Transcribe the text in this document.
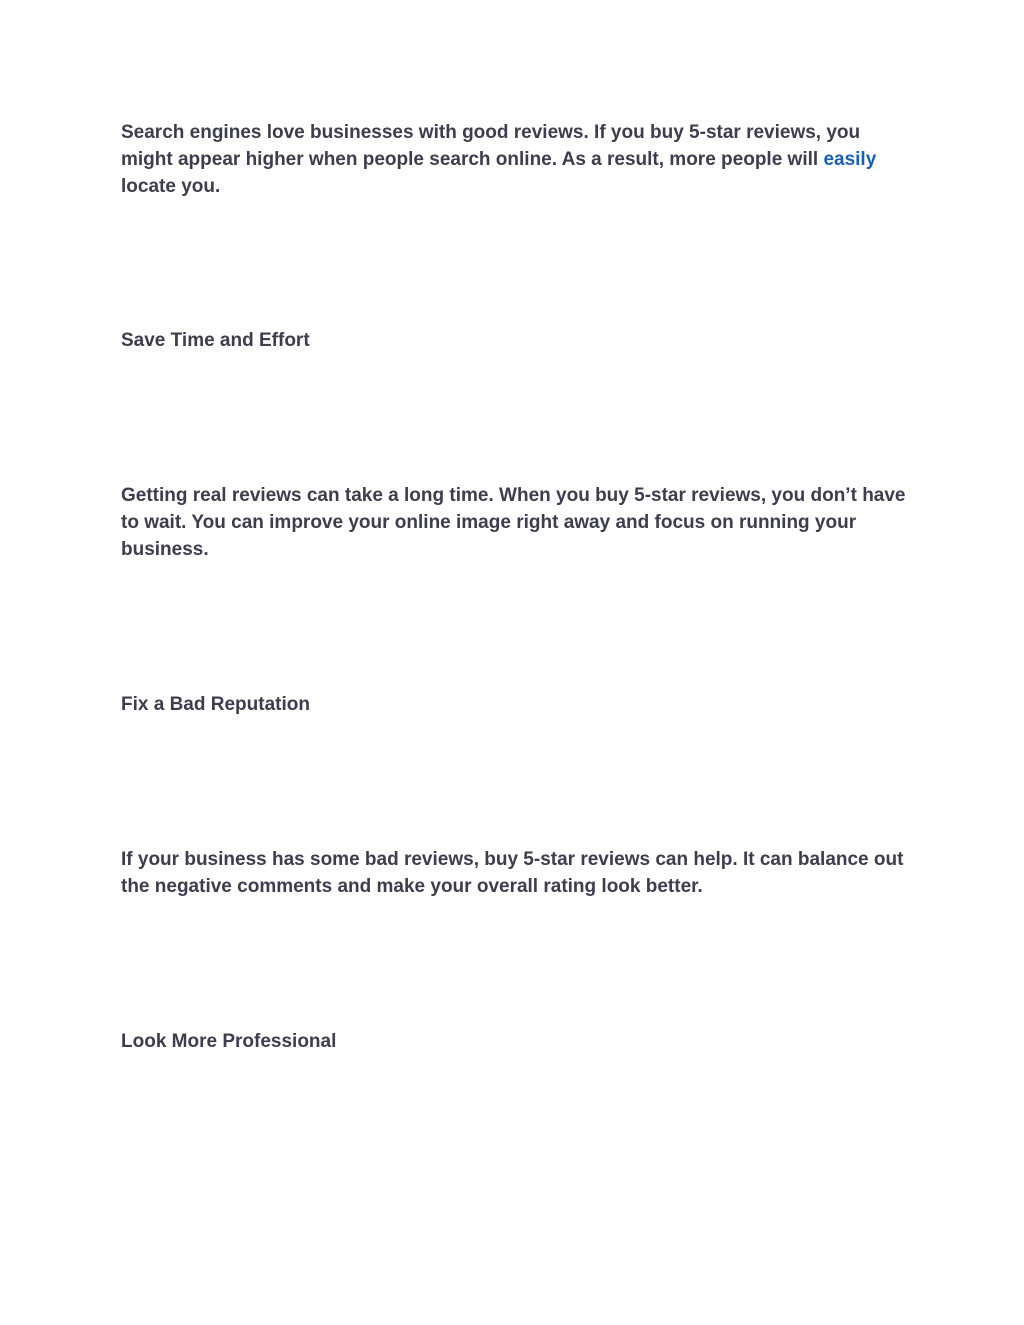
Search engines love businesses with good reviews. If you buy 5-star reviews, you might appear higher when people search online. As a result, more people will easily locate you.

Save Time and Effort

Getting real reviews can take a long time. When you buy 5-star reviews, you don’t have to wait. You can improve your online image right away and focus on running your business.

Fix a Bad Reputation

If your business has some bad reviews, buy 5-star reviews can help. It can balance out the negative comments and make your overall rating look better.

Look More Professional
